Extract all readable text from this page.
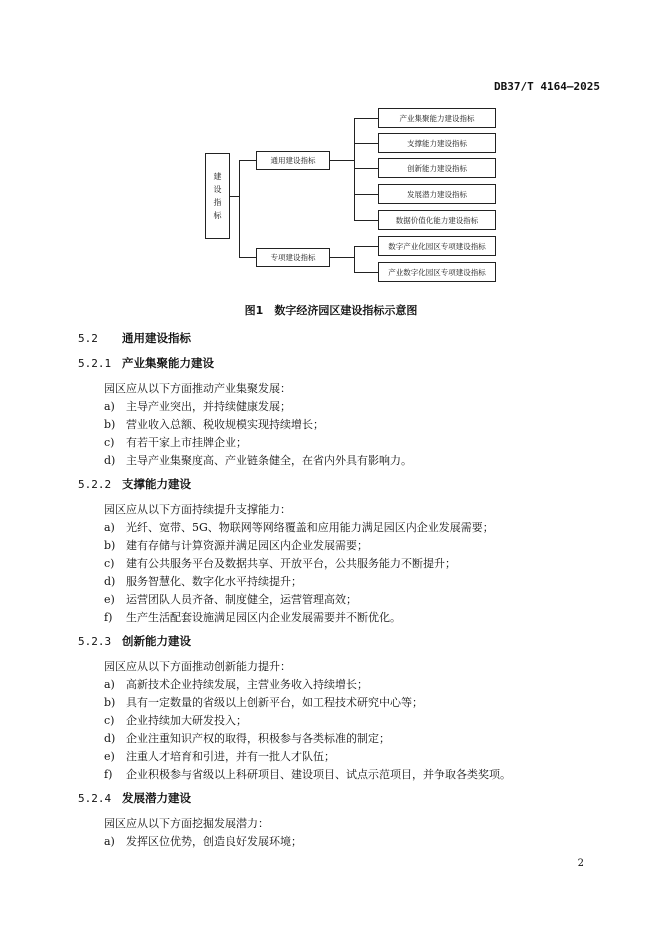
DB37/T 4164—2025
建
设
指
标
通用建设指标
专项建设指标
产业集聚能力建设指标
支撑能力建设指标
创新能力建设指标
发展潜力建设指标
数据价值化能力建设指标
数字产业化园区专项建设指标
产业数字化园区专项建设指标
图1　数字经济园区建设指标示意图
5.2 通用建设指标
5.2.1 产业集聚能力建设
园区应从以下方面推动产业集聚发展：
a) 主导产业突出，并持续健康发展；
b) 营业收入总额、税收规模实现持续增长；
c) 有若干家上市挂牌企业；
d) 主导产业集聚度高、产业链条健全，在省内外具有影响力。
5.2.2 支撑能力建设
园区应从以下方面持续提升支撑能力：
a) 光纤、宽带、5G、物联网等网络覆盖和应用能力满足园区内企业发展需要；
b) 建有存储与计算资源并满足园区内企业发展需要；
c) 建有公共服务平台及数据共享、开放平台，公共服务能力不断提升；
d) 服务智慧化、数字化水平持续提升；
e) 运营团队人员齐备、制度健全，运营管理高效；
f) 生产生活配套设施满足园区内企业发展需要并不断优化。
5.2.3 创新能力建设
园区应从以下方面推动创新能力提升：
a) 高新技术企业持续发展，主营业务收入持续增长；
b) 具有一定数量的省级以上创新平台，如工程技术研究中心等；
c) 企业持续加大研发投入；
d) 企业注重知识产权的取得，积极参与各类标准的制定；
e) 注重人才培育和引进，并有一批人才队伍；
f) 企业积极参与省级以上科研项目、建设项目、试点示范项目，并争取各类奖项。
5.2.4 发展潜力建设
园区应从以下方面挖掘发展潜力：
a) 发挥区位优势，创造良好发展环境；
2
